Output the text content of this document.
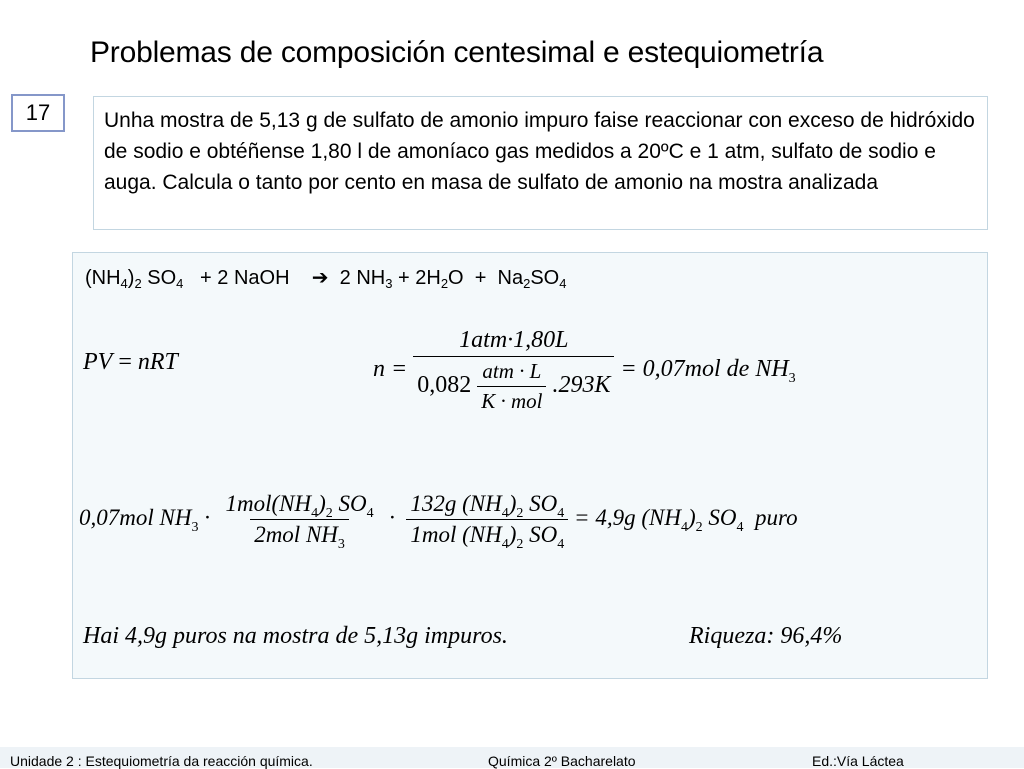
Problemas de composición centesimal e estequiometría
17	Unha mostra de 5,13 g de sulfato de amonio impuro faise reaccionar con exceso de hidróxido de sodio e obtéñense 1,80 l de amoníaco gas medidos a 20ºC e 1 atm, sulfato de sodio e auga. Calcula o tanto por cento en masa de sulfato de amonio na mostra analizada
$(NH_4)_2$ $SO_4 + 2$ NaOH    ➔  2 $NH_3 + 2H_2O + Na_2SO_4$
PV = nRT	n =
1atm·1,80L
$0,082 \frac{\text{atm · L}}{\text{K · mol}} .293K$
= 0,07mol de $NH_3$
0,07mol $NH_3 \cdot \frac{1mol(NH_4)_2 SO_4}{2mol NH_3} \cdot \frac{132g (NH_4)_2 SO_4}{1mol (NH_4)_2 SO_4} = 4,9g$ $(NH_4)_2$ $SO_4$  puro
Hai 4,9g puros na mostra de 5,13g impuros.	Riqueza: 96,4%
Unidade 2 : Estequiometría da reacción química.	Química 2º Bacharelato	Ed.:Vía Láctea
